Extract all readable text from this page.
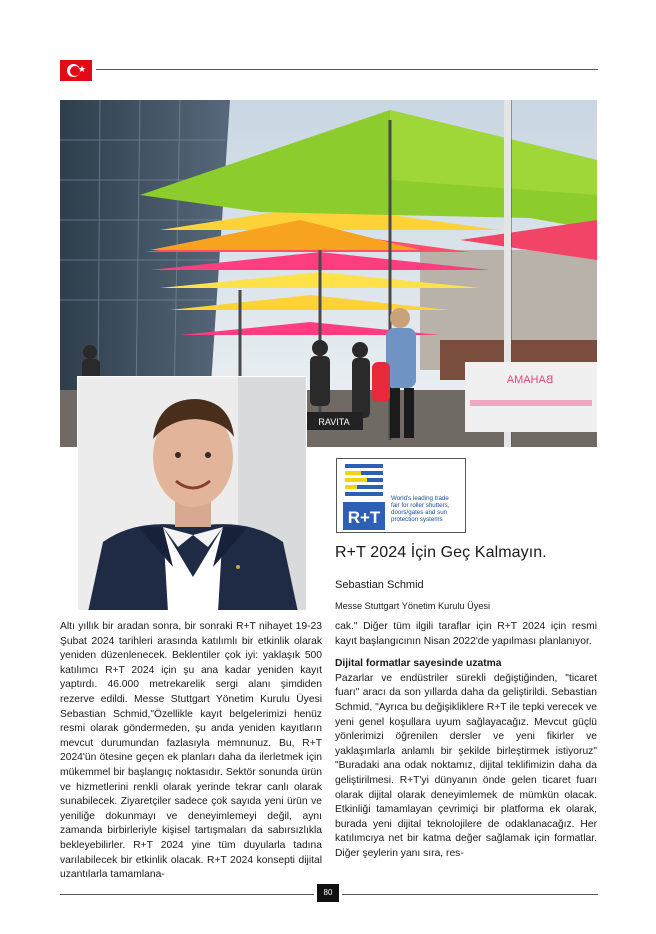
★
BAHAMA
RAVITA
R+T
World's leading trade
fair for roller shutters,
doors/gates and sun
protection systems
R+T 2024 İçin Geç Kalmayın.
Sebastian Schmid
Messe Stuttgart Yönetim Kurulu Üyesi

Altı yıllık bir aradan sonra, bir sonraki R+T nihayet 19-23 Şubat 2024 tarihleri arasında katılımlı bir etkinlik olarak yeniden düzenlenecek. Beklentiler çok iyi: yaklaşık 500 katılımcı R+T 2024 için şu ana kadar yeniden kayıt yaptırdı. 46.000 metrekarelik sergi alanı şimdiden rezerve edildi. Messe Stuttgart Yönetim Kurulu Üyesi Sebastian Schmid,"Özellikle kayıt belgelerimizi henüz resmi olarak göndermeden, şu anda yeniden kayıtların mevcut durumundan fazlasıyla memnunuz. Bu, R+T 2024'ün ötesine geçen ek planları daha da ilerletmek için mükemmel bir başlangıç noktasıdır. Sektör sonunda ürün ve hizmetlerini renkli olarak yerinde tekrar canlı olarak sunabilecek. Ziyaretçiler sadece çok sayıda yeni ürün ve yeniliğe dokunmayı ve deneyimlemeyi değil, aynı zamanda birbirleriyle kişisel tartışmaları da sabırsızlıkla bekleyebilirler. R+T 2024 yine tüm duyularla tadına varılabilecek bir etkinlik olacak. R+T 2024 konsepti dijital uzantılarla tamamlana-

cak." Diğer tüm ilgili taraflar için R+T 2024 için resmi kayıt başlangıcının Nisan 2022'de yapılması planlanıyor.

Dijital formatlar sayesinde uzatma

Pazarlar ve endüstriler sürekli değiştiğinden, "ticaret fuarı" aracı da son yıllarda daha da geliştirildi. Sebastian Schmid, "Ayrıca bu değişikliklere R+T ile tepki verecek ve yeni genel koşullara uyum sağlayacağız. Mevcut güçlü yönlerimizi öğrenilen dersler ve yeni fikirler ve yaklaşımlarla anlamlı bir şekilde birleştirmek istiyoruz" "Buradaki ana odak noktamız, dijital teklifimizin daha da geliştirilmesi. R+T'yi dünyanın önde gelen ticaret fuarı olarak dijital olarak deneyimlemek de mümkün olacak. Etkinliği tamamlayan çevrimiçi bir platforma ek olarak, burada yeni dijital teknolojilere de odaklanacağız. Her katılımcıya net bir katma değer sağlamak için formatlar. Diğer şeylerin yanı sıra, res-

80
